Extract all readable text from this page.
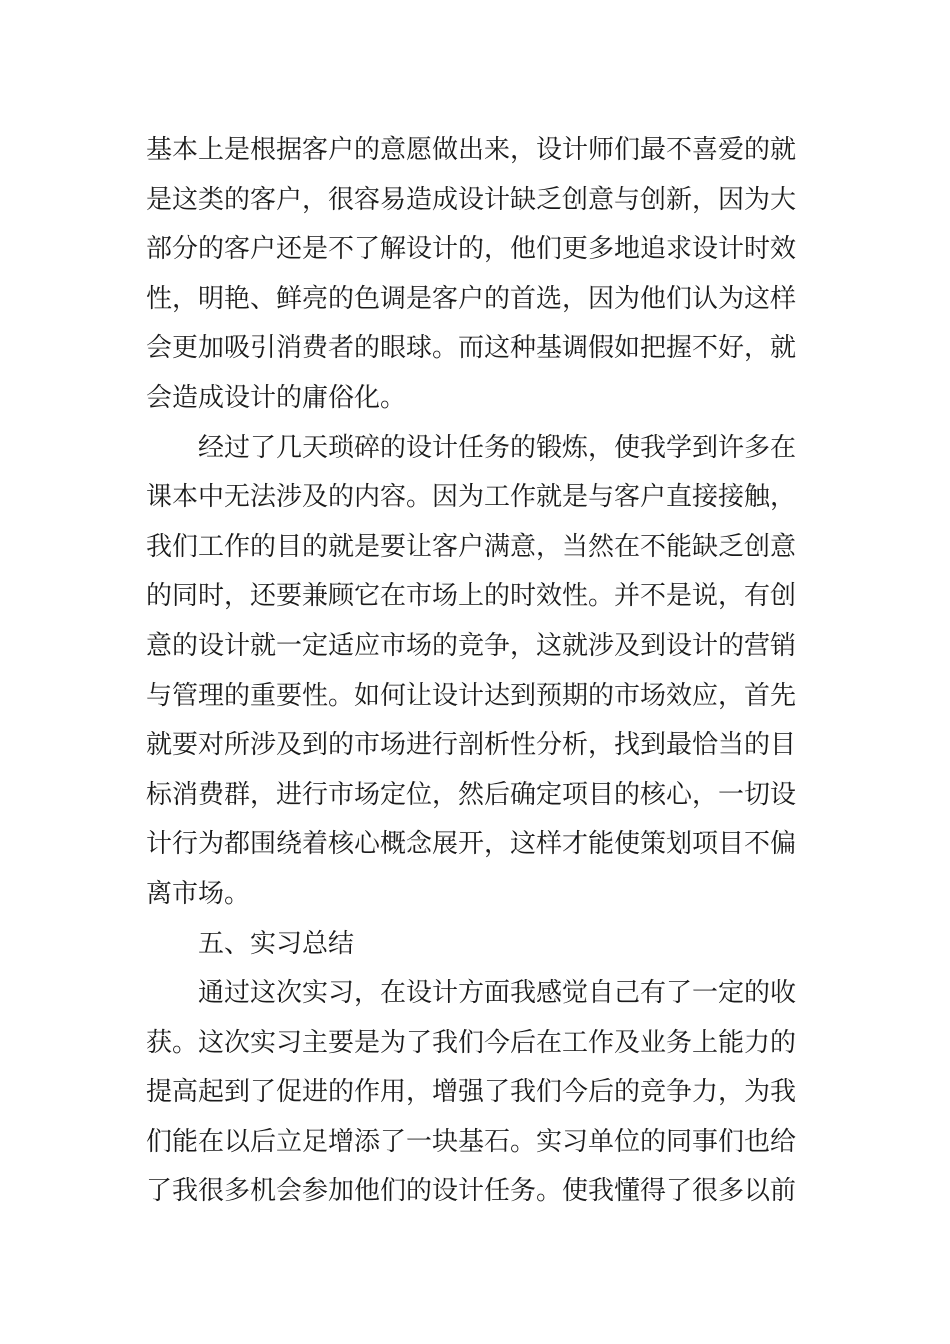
基本上是根据客户的意愿做出来，设计师们最不喜爱的就
是这类的客户，很容易造成设计缺乏创意与创新，因为大
部分的客户还是不了解设计的，他们更多地追求设计时效
性，明艳、鲜亮的色调是客户的首选，因为他们认为这样
会更加吸引消费者的眼球。而这种基调假如把握不好，就
会造成设计的庸俗化。
经过了几天琐碎的设计任务的锻炼，使我学到许多在
课本中无法涉及的内容。因为工作就是与客户直接接触，
我们工作的目的就是要让客户满意，当然在不能缺乏创意
的同时，还要兼顾它在市场上的时效性。并不是说，有创
意的设计就一定适应市场的竞争，这就涉及到设计的营销
与管理的重要性。如何让设计达到预期的市场效应，首先
就要对所涉及到的市场进行剖析性分析，找到最恰当的目
标消费群，进行市场定位，然后确定项目的核心，一切设
计行为都围绕着核心概念展开，这样才能使策划项目不偏
离市场。
五、实习总结
通过这次实习，在设计方面我感觉自己有了一定的收
获。这次实习主要是为了我们今后在工作及业务上能力的
提高起到了促进的作用，增强了我们今后的竞争力，为我
们能在以后立足增添了一块基石。实习单位的同事们也给
了我很多机会参加他们的设计任务。使我懂得了很多以前
